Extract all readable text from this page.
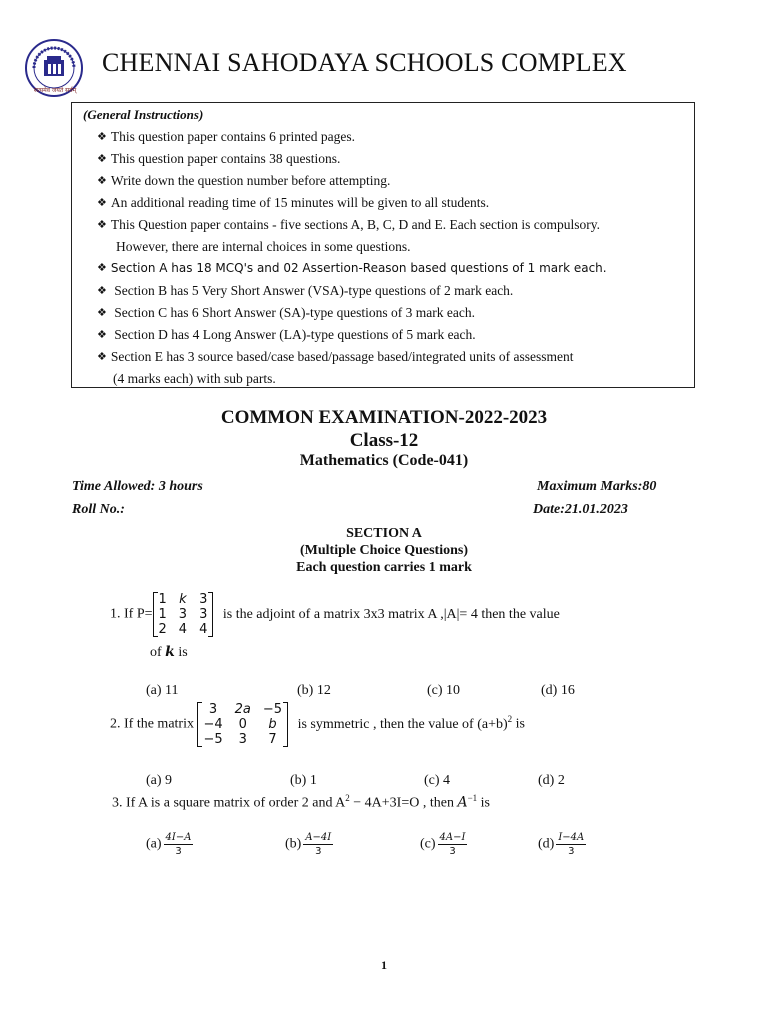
सत्यमेव जयते सर्वम्
CHENNAI SAHODAYA SCHOOLS COMPLEX
(General Instructions)
❖ This question paper contains 6 printed pages.
❖ This question paper contains 38 questions.
❖ Write down the question number before attempting.
❖ An additional reading time of 15 minutes will be given to all students.
❖ This Question paper contains - five sections A, B, C, D and E. Each section is compulsory.
However, there are internal choices in some questions.
❖ Section A has 18 MCQ's and 02 Assertion-Reason based questions of 1 mark each.
❖ Section B has 5 Very Short Answer (VSA)-type questions of 2 mark each.
❖ Section C has 6 Short Answer (SA)-type questions of 3 mark each.
❖ Section D has 4 Long Answer (LA)-type questions of 5 mark each.
❖ Section E has 3 source based/case based/passage based/integrated units of assessment
(4 marks each) with sub parts.
COMMON EXAMINATION-2022-2023
Class-12
Mathematics (Code-041)
Time Allowed: 3 hours	Maximum Marks:80
Roll No.:	Date:21.01.2023
SECTION A
(Multiple Choice Questions)
Each question carries 1 mark
1. If P=
1	k	3
1	3	3
2	4	4
is the adjoint of a matrix 3x3 matrix A ,|A|= 4 then the value
of k is
(a) 11	(b) 12	(c) 10	(d) 16
2. If the matrix
3	2a	−5
−4	0	b
−5	3	7
is symmetric , then the value of $(a+b)^2$ is
(a) 9	(b) 1	(c) 4	(d) 2
3. If A is a square matrix of order 2 and $A^2 - 4A+3I=O$ , then $A^{-1}$ is
$(a) \frac{4I-A}{3}$	$(b) \frac{A-4I}{3}$	$(c) \frac{4A-I}{3}$	$(d) \frac{I-4A}{3}$
1
